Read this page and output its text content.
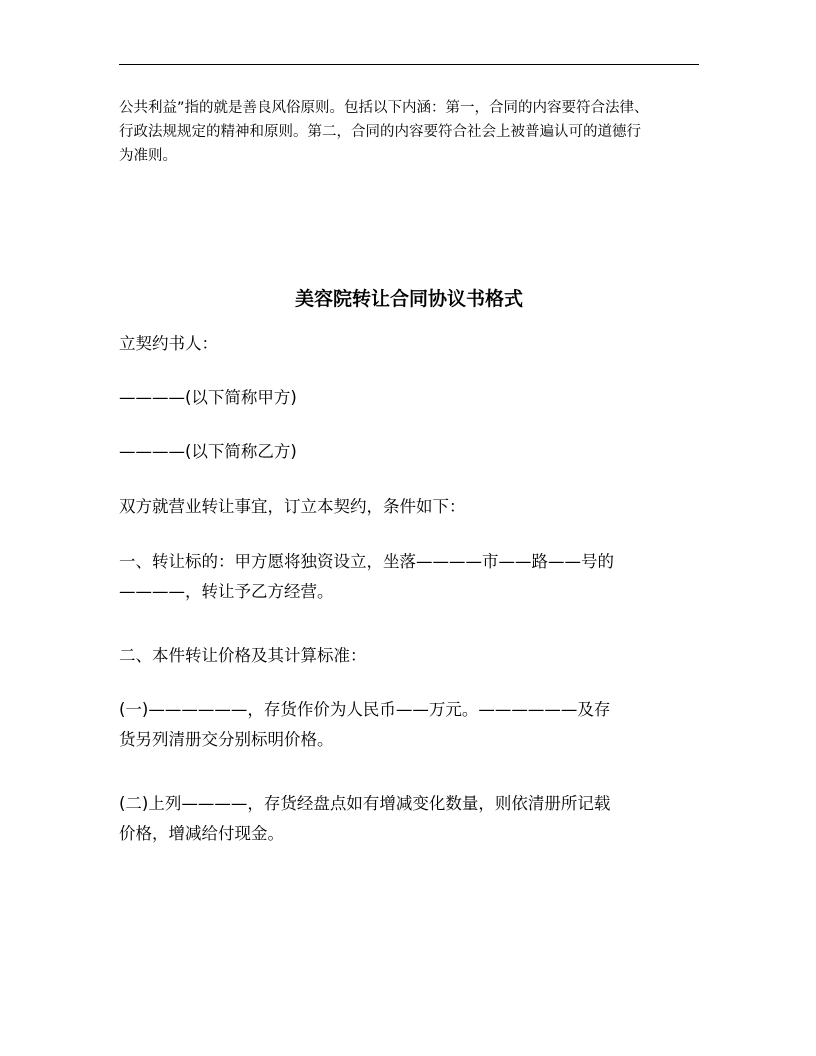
公共利益”指的就是善良风俗原则。包括以下内涵：第一，合同的内容要符合法律、

行政法规规定的精神和原则。第二，合同的内容要符合社会上被普遍认可的道德行

为准则。

美容院转让合同协议书格式

立契约书人：

————(以下简称甲方)

————(以下简称乙方)

双方就营业转让事宜，订立本契约，条件如下：

一、转让标的：甲方愿将独资设立，坐落————市——路——号的
————，转让予乙方经营。

二、本件转让价格及其计算标准：

(一)——————，存货作价为人民币——万元。——————及存
货另列清册交分别标明价格。
(二)上列————，存货经盘点如有增减变化数量，则依清册所记载
价格，增减给付现金。
